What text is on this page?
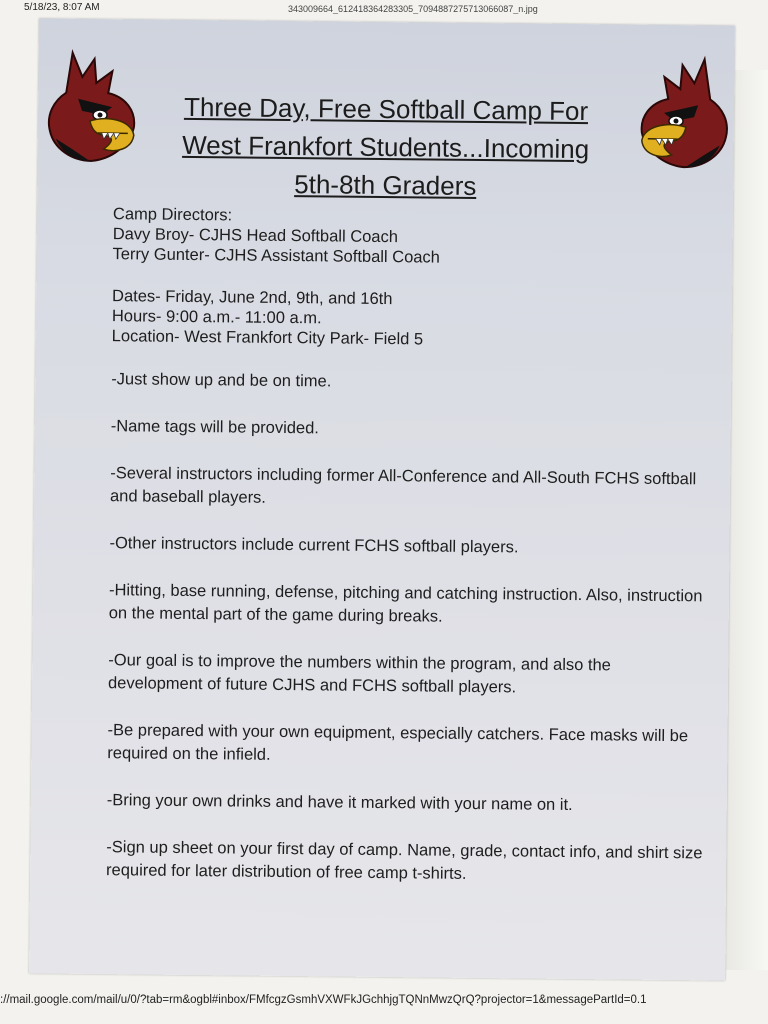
5/18/23, 8:07 AM	343009664_612418364283305_7094887275713066087_n.jpg
Three Day, Free Softball Camp For
West Frankfort Students...Incoming
5th-8th Graders

Camp Directors:

Davy Broy- CJHS Head Softball Coach

Terry Gunter- CJHS Assistant Softball Coach

Dates- Friday, June 2nd, 9th, and 16th

Hours- 9:00 a.m.- 11:00 a.m.

Location- West Frankfort City Park- Field 5

-Just show up and be on time.

-Name tags will be provided.

-Several instructors including former All-Conference and All-South FCHS softball and baseball players.

-Other instructors include current FCHS softball players.

-Hitting, base running, defense, pitching and catching instruction. Also, instruction on the mental part of the game during breaks.

-Our goal is to improve the numbers within the program, and also the development of future CJHS and FCHS softball players.

-Be prepared with your own equipment, especially catchers. Face masks will be required on the infield.

-Bring your own drinks and have it marked with your name on it.

-Sign up sheet on your first day of camp. Name, grade, contact info, and shirt size required for later distribution of free camp t-shirts.

://mail.google.com/mail/u/0/?tab=rm&ogbl#inbox/FMfcgzGsmhVXWFkJGchhjgTQNnMwzQrQ?projector=1&messagePartId=0.1
